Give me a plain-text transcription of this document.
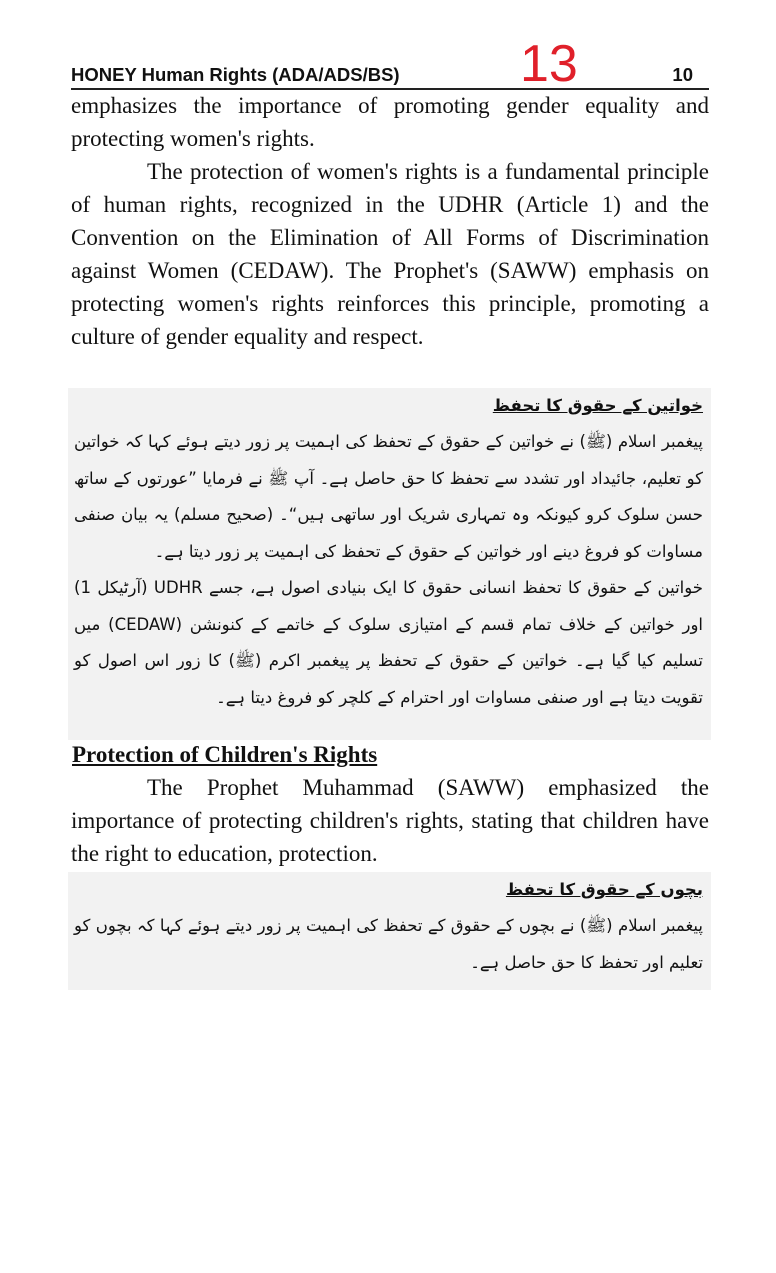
HONEY Human Rights (ADA/ADS/BS) 13	10

emphasizes the importance of promoting gender equality and protecting women's rights.

The protection of women's rights is a fundamental principle of human rights, recognized in the UDHR (Article 1) and the Convention on the Elimination of All Forms of Discrimination against Women (CEDAW). The Prophet's (SAWW) emphasis on protecting women's rights reinforces this principle, promoting a culture of gender equality and respect.

خواتین کے حقوق کا تحفظ

پیغمبر اسلام (ﷺ) نے خواتین کے حقوق کے تحفظ کی اہمیت پر زور دیتے ہوئے کہا کہ خواتین کو تعلیم، جائیداد اور تشدد سے تحفظ کا حق حاصل ہے۔ آپ ﷺ نے فرمایا ”عورتوں کے ساتھ حسن سلوک کرو کیونکہ وہ تمہاری شریک اور ساتھی ہیں“۔ (صحیح مسلم) یہ بیان صنفی مساوات کو فروغ دینے اور خواتین کے حقوق کے تحفظ کی اہمیت پر زور دیتا ہے۔

خواتین کے حقوق کا تحفظ انسانی حقوق کا ایک بنیادی اصول ہے، جسے UDHR (آرٹیکل 1) اور خواتین کے خلاف تمام قسم کے امتیازی سلوک کے خاتمے کے کنونشن (CEDAW) میں تسلیم کیا گیا ہے۔ خواتین کے حقوق کے تحفظ پر پیغمبر اکرم (ﷺ) کا زور اس اصول کو تقویت دیتا ہے اور صنفی مساوات اور احترام کے کلچر کو فروغ دیتا ہے۔

Protection of Children's Rights

The Prophet Muhammad (SAWW) emphasized the importance of protecting children's rights, stating that children have the right to education, protection.

بچوں کے حقوق کا تحفظ

پیغمبر اسلام (ﷺ) نے بچوں کے حقوق کے تحفظ کی اہمیت پر زور دیتے ہوئے کہا کہ بچوں کو تعلیم اور تحفظ کا حق حاصل ہے۔
